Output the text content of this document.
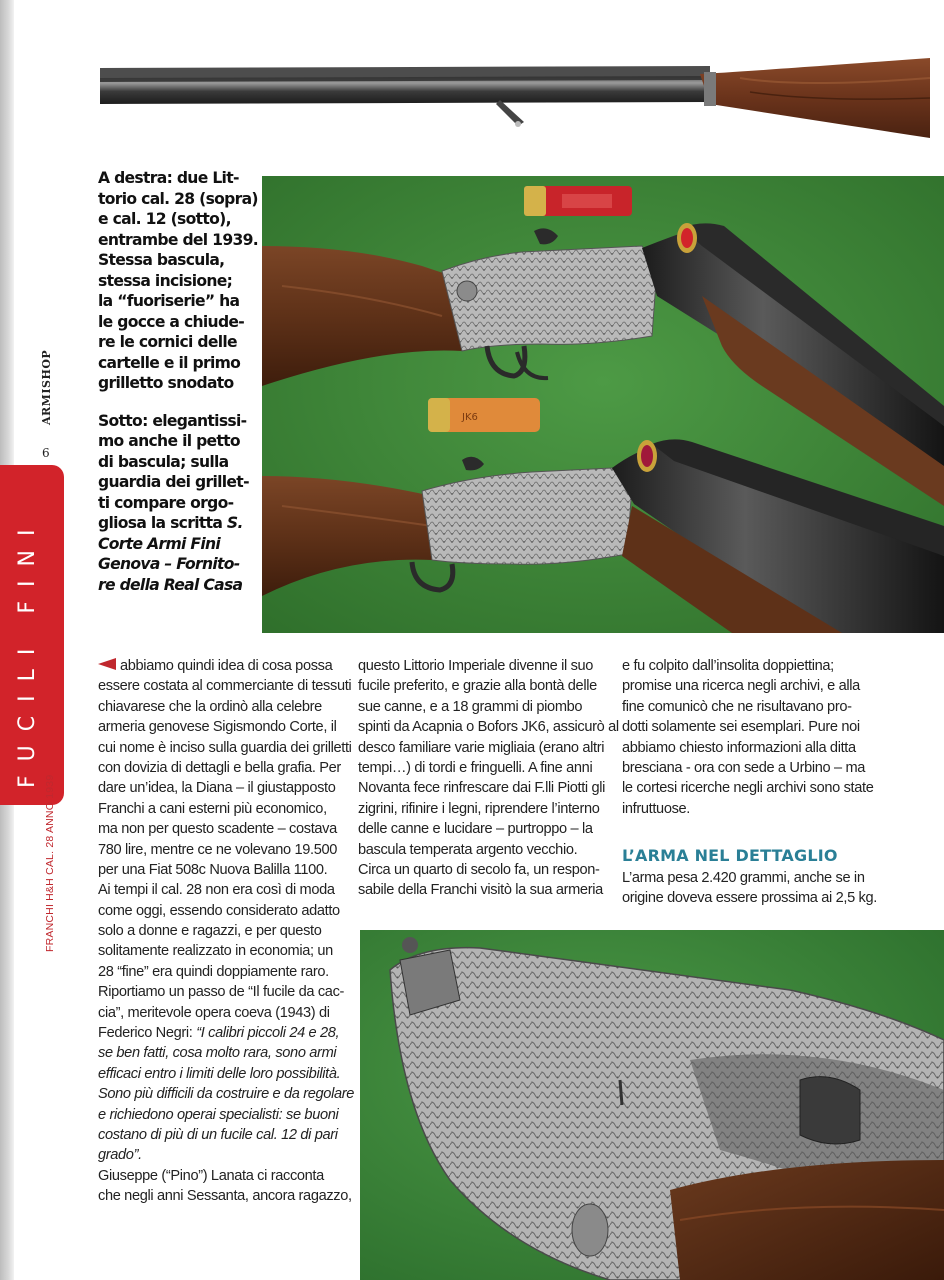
A destra: due Lit-
torio cal. 28 (sopra)
e cal. 12 (sotto),
entrambe del 1939.
Stessa bascula,
stessa incisione;
la “fuoriserie” ha
le gocce a chiude-
re le cornici delle
cartelle e il primo
grilletto snodato

Sotto: elegantissi-
mo anche il petto
di bascula; sulla
guardia dei grillet-
ti compare orgo-
gliosa la scritta S.
Corte Armi Fini
Genova – Fornito-
re della Real Casa

JK6
FUCILI FINI
ARMISHOP
6
FRANCHI H&H CAL. 28 ANNO 1939
abbiamo quindi idea di cosa possa
essere costata al commerciante di tessuti
chiavarese che la ordinò alla celebre
armeria genovese Sigismondo Corte, il
cui nome è inciso sulla guardia dei grilletti
con dovizia di dettagli e bella grafia. Per
dare un’idea, la Diana – il giustapposto
Franchi a cani esterni più economico,
ma non per questo scadente – costava
780 lire, mentre ce ne volevano 19.500
per una Fiat 508c Nuova Balilla 1100.
Ai tempi il cal. 28 non era così di moda
come oggi, essendo considerato adatto
solo a donne e ragazzi, e per questo
solitamente realizzato in economia; un
28 “fine” era quindi doppiamente raro.
Riportiamo un passo de “Il fucile da cac-
cia”, meritevole opera coeva (1943) di
Federico Negri: “I calibri piccoli 24 e 28,
se ben fatti, cosa molto rara, sono armi
efficaci entro i limiti delle loro possibilità.
Sono più difficili da costruire e da regolare
e richiedono operai specialisti: se buoni
costano di più di un fucile cal. 12 di pari
grado”.
Giuseppe (“Pino”) Lanata ci racconta
che negli anni Sessanta, ancora ragazzo,
questo Littorio Imperiale divenne il suo
fucile preferito, e grazie alla bontà delle
sue canne, e a 18 grammi di piombo
spinti da Acapnia o Bofors JK6, assicurò al
desco familiare varie migliaia (erano altri
tempi…) di tordi e fringuelli. A fine anni
Novanta fece rinfrescare dai F.lli Piotti gli
zigrini, rifinire i legni, riprendere l’interno
delle canne e lucidare – purtroppo – la
bascula temperata argento vecchio.
Circa un quarto di secolo fa, un respon-
sabile della Franchi visitò la sua armeria
e fu colpito dall’insolita doppiettina;
promise una ricerca negli archivi, e alla
fine comunicò che ne risultavano pro-
dotti solamente sei esemplari. Pure noi
abbiamo chiesto informazioni alla ditta
bresciana - ora con sede a Urbino – ma
le cortesi ricerche negli archivi sono state
infruttuose.
L’ARMA NEL DETTAGLIO
L’arma pesa 2.420 grammi, anche se in
origine doveva essere prossima ai 2,5 kg.
